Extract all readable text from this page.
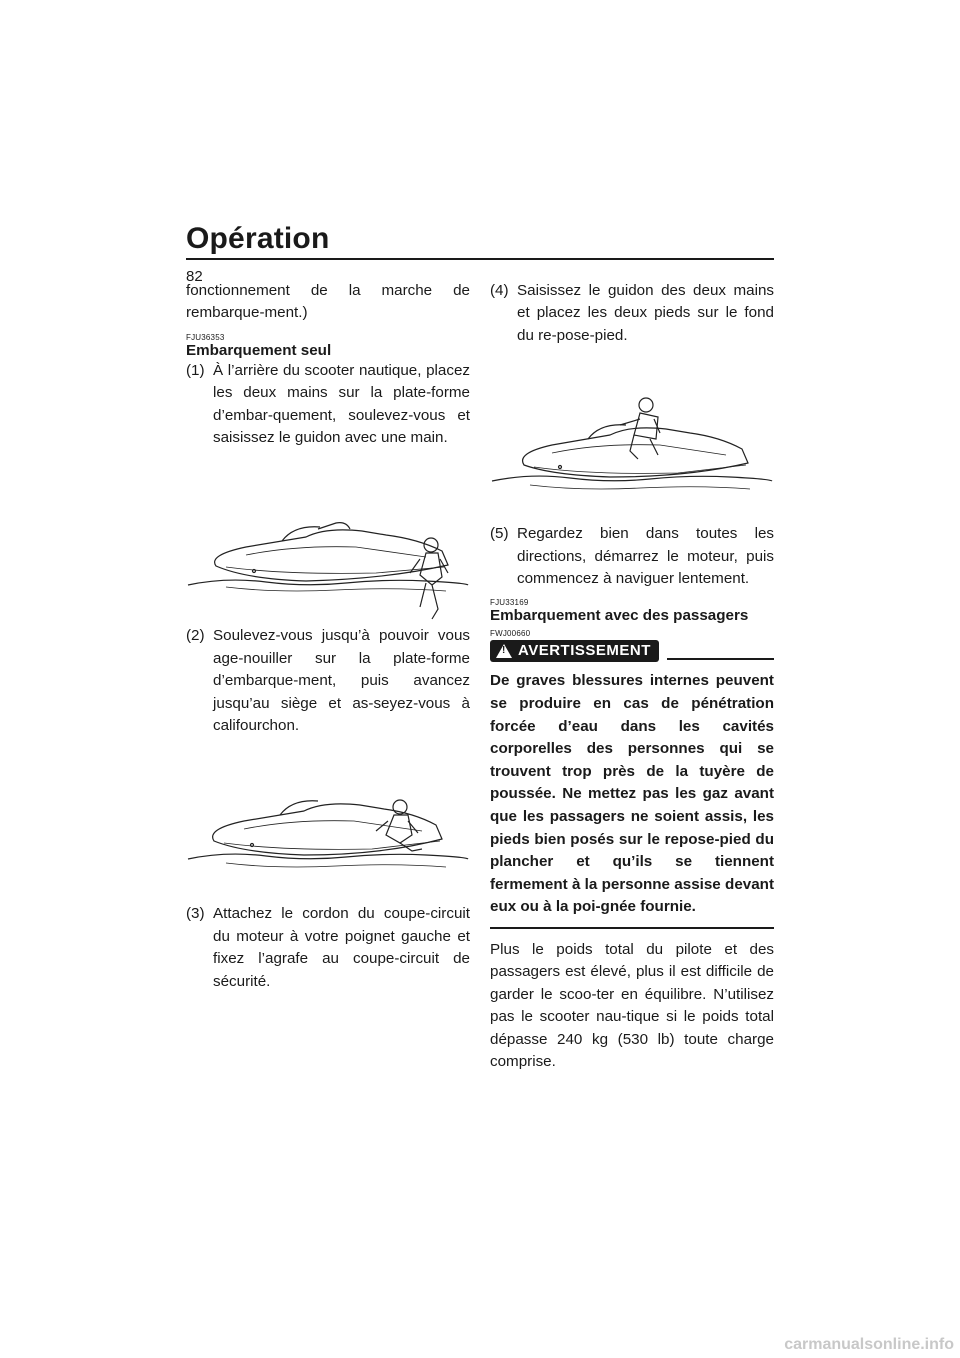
Opération
82

fonctionnement de la marche de rembarque-ment.)

FJU36353

Embarquement seul

(1) À l’arrière du scooter nautique, placez les deux mains sur la plate-forme d’embar-quement, soulevez-vous et saisissez le guidon avec une main.
(2) Soulevez-vous jusqu’à pouvoir vous age-nouiller sur la plate-forme d’embarque-ment, puis avancez jusqu’au siège et as-seyez-vous à califourchon.
(3) Attachez le cordon du coupe-circuit du moteur à votre poignet gauche et fixez l’agrafe au coupe-circuit de sécurité.
(4) Saisissez le guidon des deux mains et placez les deux pieds sur le fond du re-pose-pied.
(5) Regardez bien dans toutes les directions, démarrez le moteur, puis commencez à naviguer lentement.
FJU33169

Embarquement avec des passagers

FWJ00660
!
AVERTISSEMENT

De graves blessures internes peuvent se produire en cas de pénétration forcée d’eau dans les cavités corporelles des personnes qui se trouvent trop près de la tuyère de poussée. Ne mettez pas les gaz avant que les passagers ne soient assis, les pieds bien posés sur le repose-pied du plancher et qu’ils se tiennent fermement à la personne assise devant eux ou à la poi-gnée fournie.

Plus le poids total du pilote et des passagers est élevé, plus il est difficile de garder le scoo-ter en équilibre. N’utilisez pas le scooter nau-tique si le poids total dépasse 240 kg (530 lb) toute charge comprise.

carmanualsonline.info
